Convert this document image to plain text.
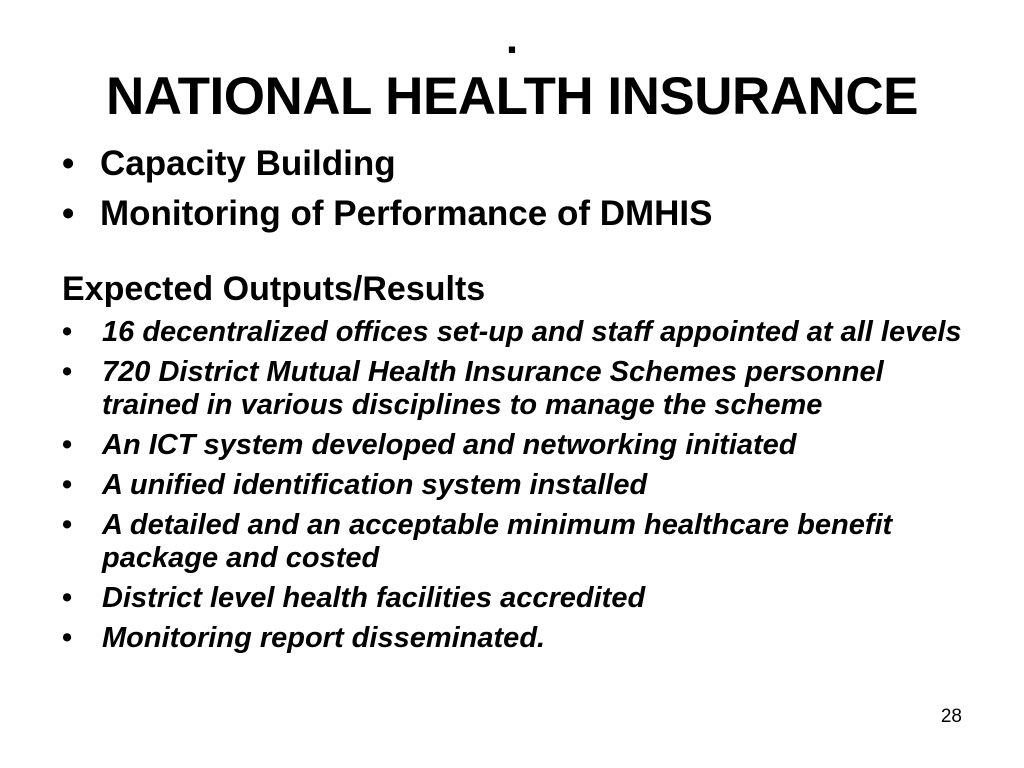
.
NATIONAL HEALTH INSURANCE
• Capacity Building
• Monitoring of Performance of DMHIS
Expected Outputs/Results
• 16 decentralized offices set-up and staff appointed at all levels
• 720 District Mutual Health Insurance Schemes personnel trained in various disciplines to manage the scheme
• An ICT system developed and networking initiated
• A unified identification system installed
• A detailed and an acceptable minimum healthcare benefit package and costed
• District level health facilities accredited
• Monitoring report disseminated.
28
